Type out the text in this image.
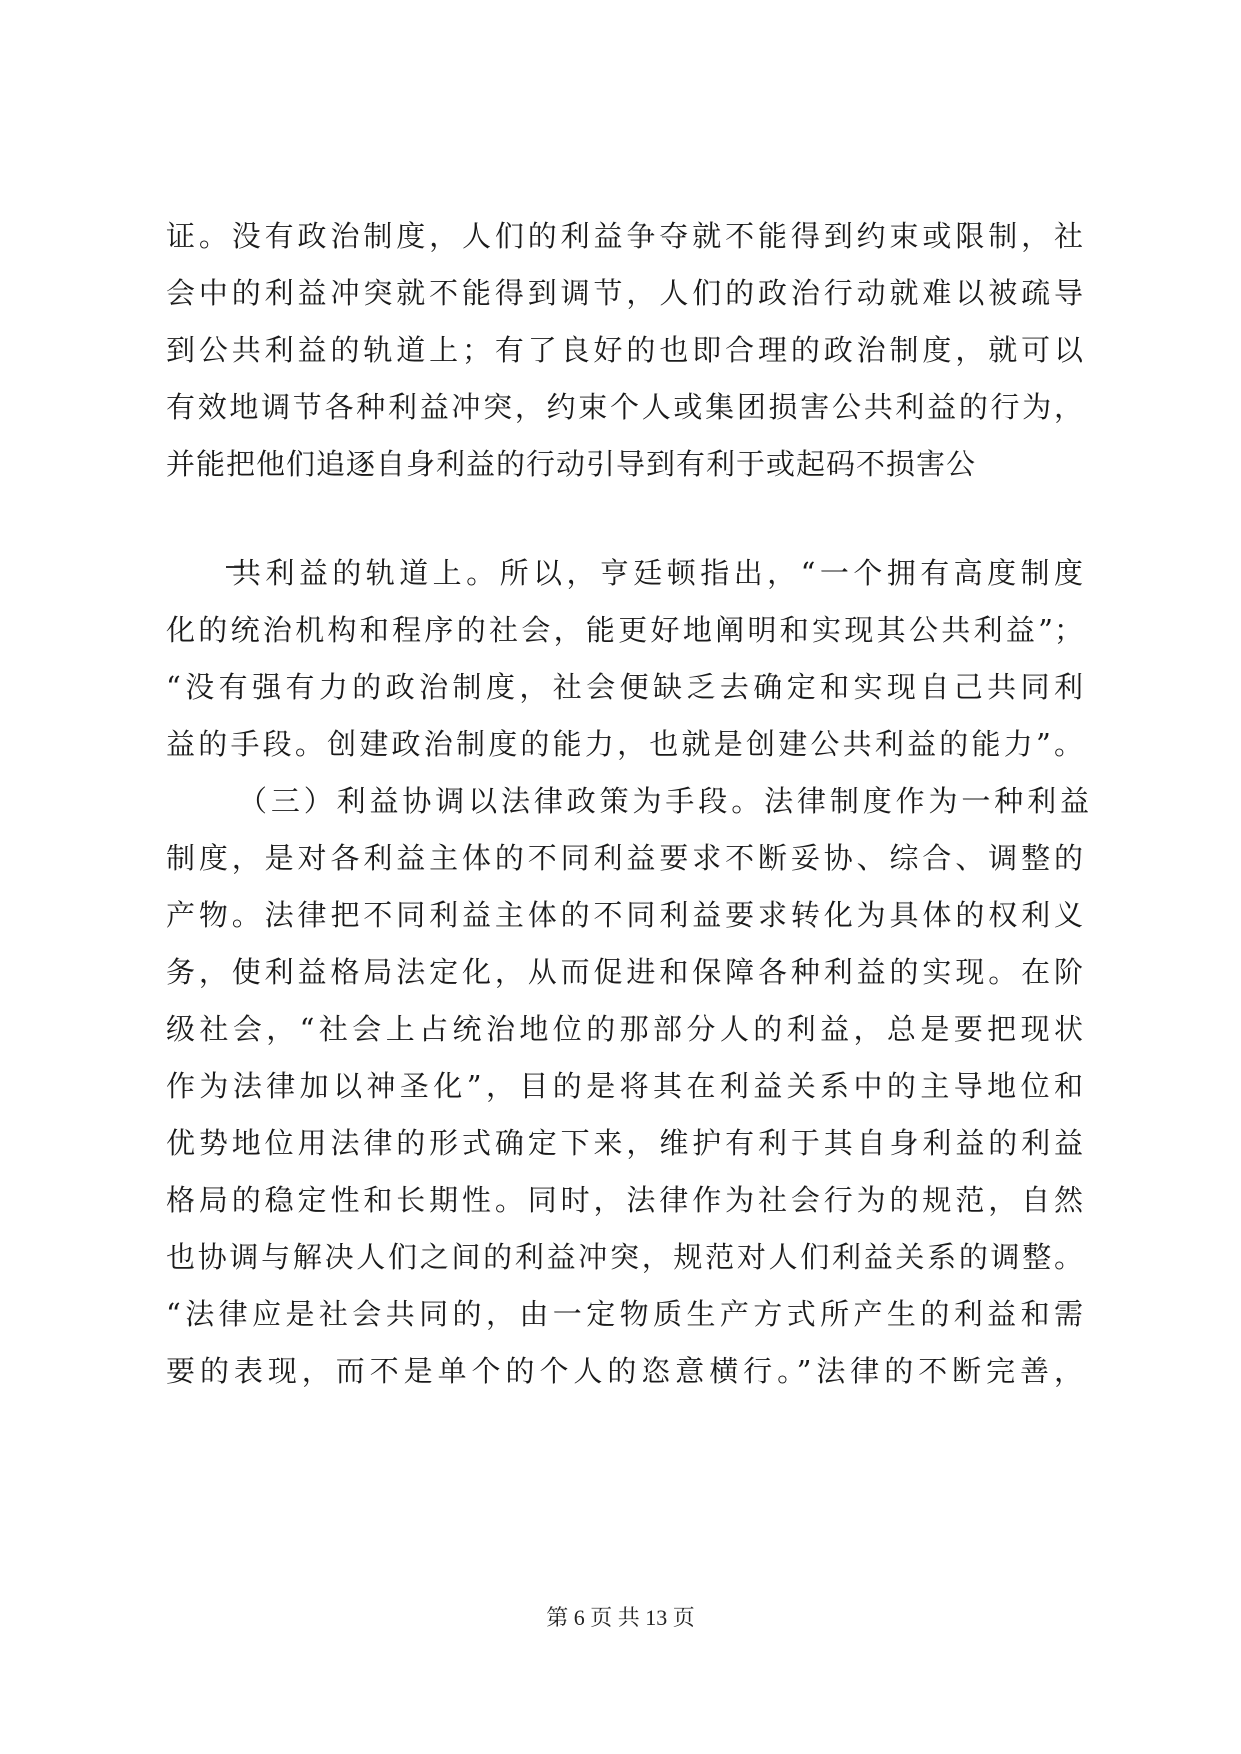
证。没有政治制度，人们的利益争夺就不能得到约束或限制，社
会中的利益冲突就不能得到调节，人们的政治行动就难以被疏导
到公共利益的轨道上；有了良好的也即合理的政治制度，就可以
有效地调节各种利益冲突，约束个人或集团损害公共利益的行为，
并能把他们追逐自身利益的行动引导到有利于或起码不损害公
共利益的轨道上。所以，亨廷顿指出，“一个拥有高度制度
化的统治机构和程序的社会，能更好地阐明和实现其公共利益”；
“没有强有力的政治制度，社会便缺乏去确定和实现自己共同利
益的手段。创建政治制度的能力，也就是创建公共利益的能力”。
（三）利益协调以法律政策为手段。法律制度作为一种利益
制度，是对各利益主体的不同利益要求不断妥协、综合、调整的
产物。法律把不同利益主体的不同利益要求转化为具体的权利义
务，使利益格局法定化，从而促进和保障各种利益的实现。在阶
级社会，“社会上占统治地位的那部分人的利益，总是要把现状
作为法律加以神圣化”，目的是将其在利益关系中的主导地位和
优势地位用法律的形式确定下来，维护有利于其自身利益的利益
格局的稳定性和长期性。同时，法律作为社会行为的规范，自然
也协调与解决人们之间的利益冲突，规范对人们利益关系的调整。
“法律应是社会共同的，由一定物质生产方式所产生的利益和需
要的表现，而不是单个的个人的恣意横行。”法律的不断完善，
第 6 页 共 13 页
